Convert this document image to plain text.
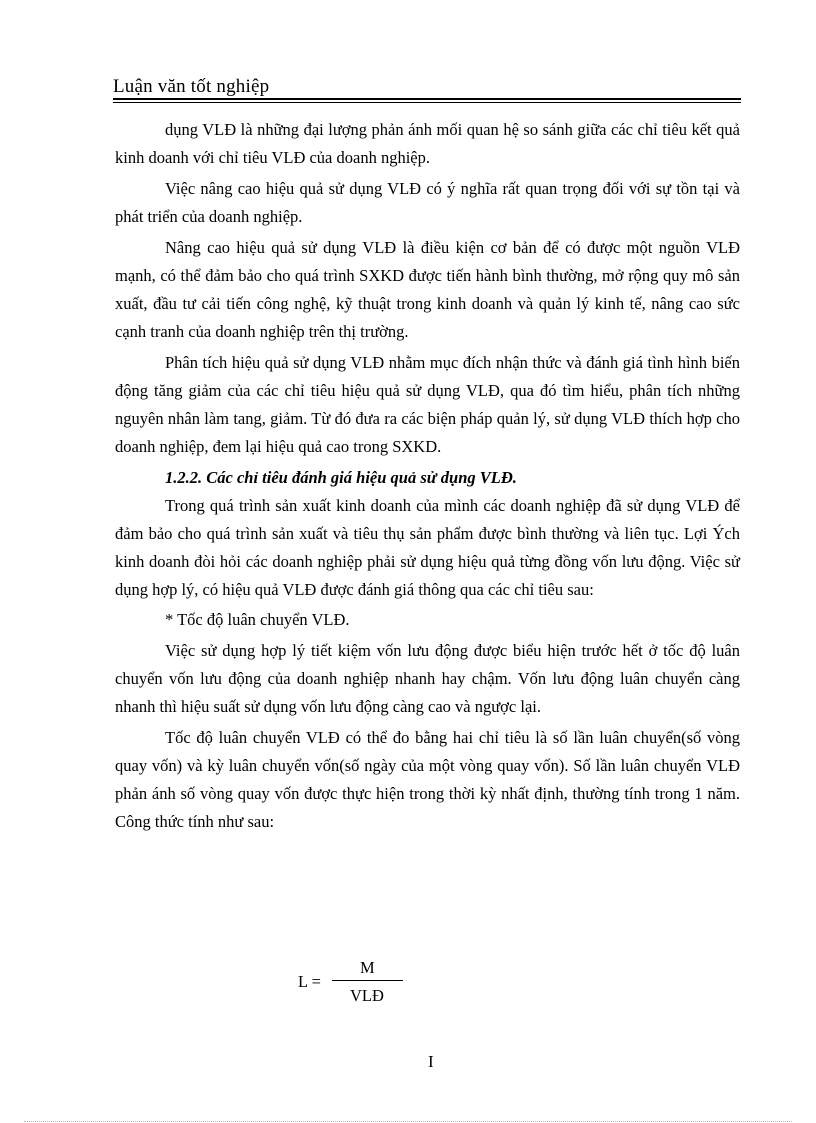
Luận văn tốt nghiệp

dụng VLĐ là những đại lượng phản ánh mối quan hệ so sánh giữa các chỉ tiêu kết quả kinh doanh với chỉ tiêu VLĐ của doanh nghiệp.

Việc nâng cao hiệu quả sử dụng VLĐ có ý nghĩa rất quan trọng đối với sự tồn tại và phát triển của doanh nghiệp.

Nâng cao hiệu quả sử dụng VLĐ là điều kiện cơ bản để có được một nguồn VLĐ mạnh, có thể đảm bảo cho quá trình SXKD được tiến hành bình thường, mở rộng quy mô sản xuất, đầu tư cải tiến công nghệ, kỹ thuật trong kinh doanh và quản lý kinh tế, nâng cao sức cạnh tranh của doanh nghiệp trên thị trường.

Phân tích hiệu quả sử dụng VLĐ nhằm mục đích nhận thức và đánh giá tình hình biến động tăng giảm của các chỉ tiêu hiệu quả sử dụng VLĐ, qua đó tìm hiểu, phân tích những nguyên nhân làm tang, giảm. Từ đó đưa ra các biện pháp quản lý, sử dụng VLĐ thích hợp cho doanh nghiệp, đem lại hiệu quả cao trong SXKD.

1.2.2. Các chỉ tiêu đánh giá hiệu quả sử dụng VLĐ.

Trong quá trình sản xuất kinh doanh của mình các doanh nghiệp đã sử dụng VLĐ để đảm bảo cho quá trình sản xuất và tiêu thụ sản phẩm được bình thường và liên tục. Lợi Ých kinh doanh đòi hỏi các doanh nghiệp phải sử dụng hiệu quả từng đồng vốn lưu động. Việc sử dụng hợp lý, có hiệu quả VLĐ được đánh giá thông qua các chỉ tiêu sau:

* Tốc độ luân chuyển VLĐ.

Việc sử dụng hợp lý tiết kiệm vốn lưu động được biểu hiện trước hết ở tốc độ luân chuyển vốn lưu động của doanh nghiệp nhanh hay chậm. Vốn lưu động luân chuyển càng nhanh thì hiệu suất sử dụng vốn lưu động càng cao và ngược lại.

Tốc độ luân chuyển VLĐ có thể đo bằng hai chỉ tiêu là số lần luân chuyển(số vòng quay vốn) và kỳ luân chuyển vốn(số ngày của một vòng quay vốn). Số lần luân chuyển VLĐ phản ánh số vòng quay vốn được thực hiện trong thời kỳ nhất định, thường tính trong 1 năm. Công thức tính như sau:

L =
M
VLĐ
I
